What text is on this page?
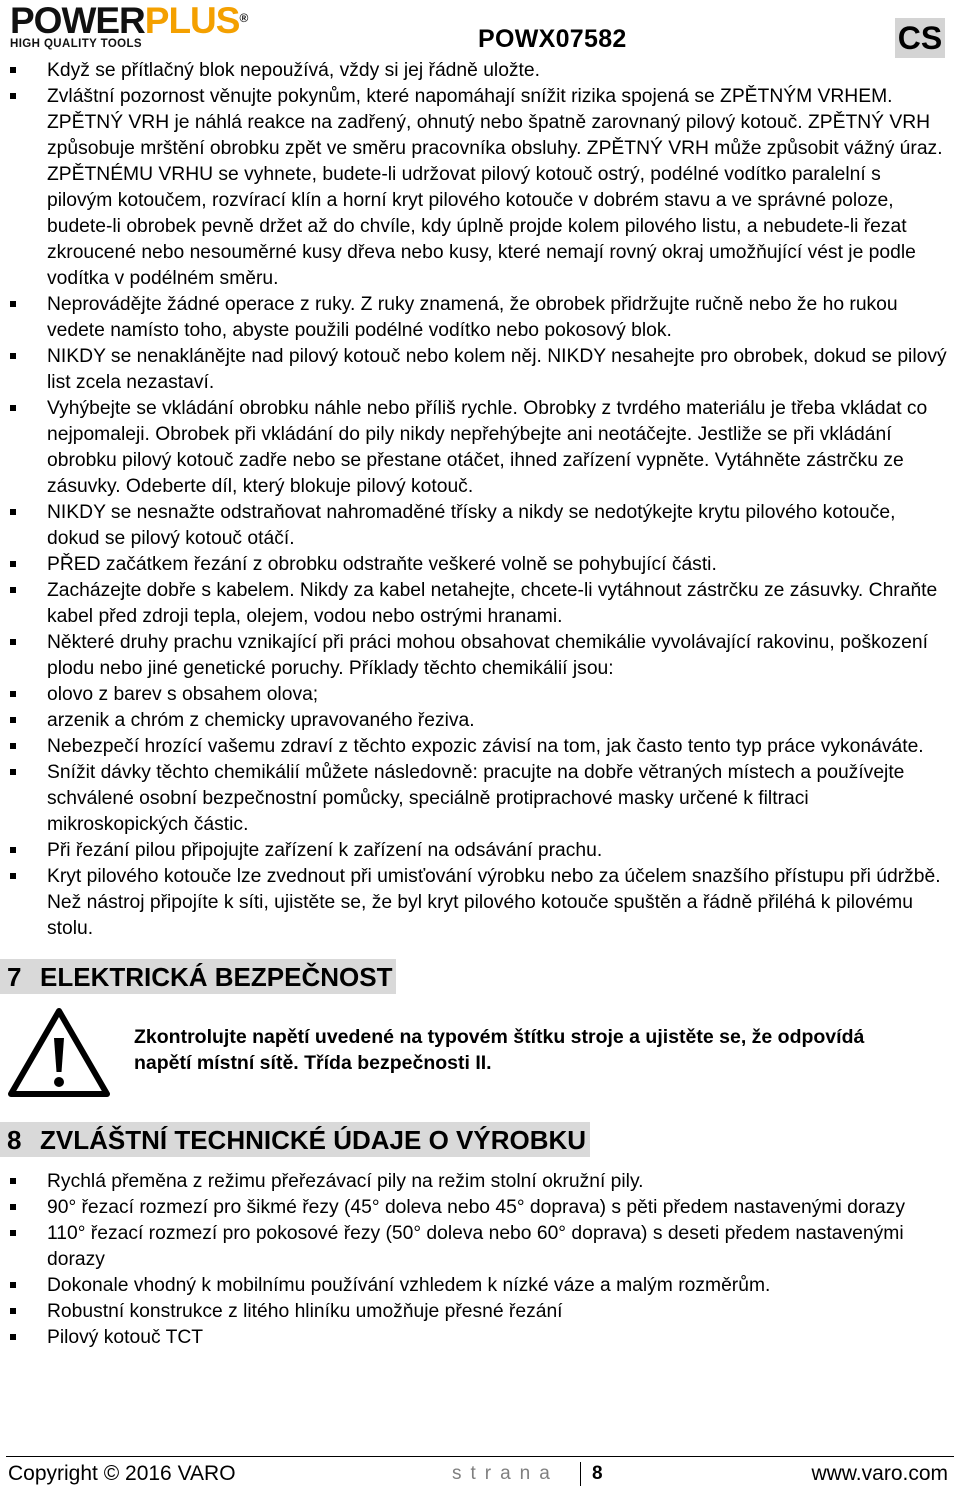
POWERPLUS®
HIGH QUALITY TOOLS	POWX07582	CS
Když se přítlačný blok nepoužívá, vždy si jej řádně uložte.
Zvláštní pozornost věnujte pokynům, které napomáhají snížit rizika spojená se ZPĚTNÝM VRHEM. ZPĚTNÝ VRH je náhlá reakce na zadřený, ohnutý nebo špatně zarovnaný pilový kotouč. ZPĚTNÝ VRH způsobuje mrštění obrobku zpět ve směru pracovníka obsluhy. ZPĚTNÝ VRH může způsobit vážný úraz. ZPĚTNÉMU VRHU se vyhnete, budete-li udržovat pilový kotouč ostrý, podélné vodítko paralelní s pilovým kotoučem, rozvírací klín a horní kryt pilového kotouče v dobrém stavu a ve správné poloze, budete-li obrobek pevně držet až do chvíle, kdy úplně projde kolem pilového listu, a nebudete-li řezat zkroucené nebo nesouměrné kusy dřeva nebo kusy, které nemají rovný okraj umožňující vést je podle vodítka v podélném směru.
Neprovádějte žádné operace z ruky. Z ruky znamená, že obrobek přidržujte ručně nebo že ho rukou vedete namísto toho, abyste použili podélné vodítko nebo pokosový blok.
NIKDY se nenaklánějte nad pilový kotouč nebo kolem něj. NIKDY nesahejte pro obrobek, dokud se pilový list zcela nezastaví.
Vyhýbejte se vkládání obrobku náhle nebo příliš rychle. Obrobky z tvrdého materiálu je třeba vkládat co nejpomaleji. Obrobek při vkládání do pily nikdy nepřehýbejte ani neotáčejte. Jestliže se při vkládání obrobku pilový kotouč zadře nebo se přestane otáčet, ihned zařízení vypněte. Vytáhněte zástrčku ze zásuvky. Odeberte díl, který blokuje pilový kotouč.
NIKDY se nesnažte odstraňovat nahromaděné třísky a nikdy se nedotýkejte krytu pilového kotouče, dokud se pilový kotouč otáčí.
PŘED začátkem řezání z obrobku odstraňte veškeré volně se pohybující části.
Zacházejte dobře s kabelem. Nikdy za kabel netahejte, chcete-li vytáhnout zástrčku ze zásuvky. Chraňte kabel před zdroji tepla, olejem, vodou nebo ostrými hranami.
Některé druhy prachu vznikající při práci mohou obsahovat chemikálie vyvolávající rakovinu, poškození plodu nebo jiné genetické poruchy. Příklady těchto chemikálií jsou:
olovo z barev s obsahem olova;
arzenik a chróm z chemicky upravovaného řeziva.
Nebezpečí hrozící vašemu zdraví z těchto expozic závisí na tom, jak často tento typ práce vykonáváte.
Snížit dávky těchto chemikálií můžete následovně: pracujte na dobře větraných místech a používejte schválené osobní bezpečnostní pomůcky, speciálně protiprachové masky určené k filtraci mikroskopických částic.
Při řezání pilou připojujte zařízení k zařízení na odsávání prachu.
Kryt pilového kotouče lze zvednout při umisťování výrobku nebo za účelem snazšího přístupu při údržbě. Než nástroj připojíte k síti, ujistěte se, že byl kryt pilového kotouče spuštěn a řádně přiléhá k pilovému stolu.
7 ELEKTRICKÁ BEZPEČNOST
Zkontrolujte napětí uvedené na typovém štítku stroje a ujistěte se, že odpovídá napětí místní sítě. Třída bezpečnosti II.
8 ZVLÁŠTNÍ TECHNICKÉ ÚDAJE O VÝROBKU
Rychlá přeměna z režimu přeřezávací pily na režim stolní okružní pily.
90° řezací rozmezí pro šikmé řezy (45° doleva nebo 45° doprava) s pěti předem nastavenými dorazy
110° řezací rozmezí pro pokosové řezy (50° doleva nebo 60° doprava) s deseti předem nastavenými dorazy
Dokonale vhodný k mobilnímu používání vzhledem k nízké váze a malým rozměrům.
Robustní konstrukce z litého hliníku umožňuje přesné řezání
Pilový kotouč TCT
Copyright © 2016 VARO	strana 8	www.varo.com
